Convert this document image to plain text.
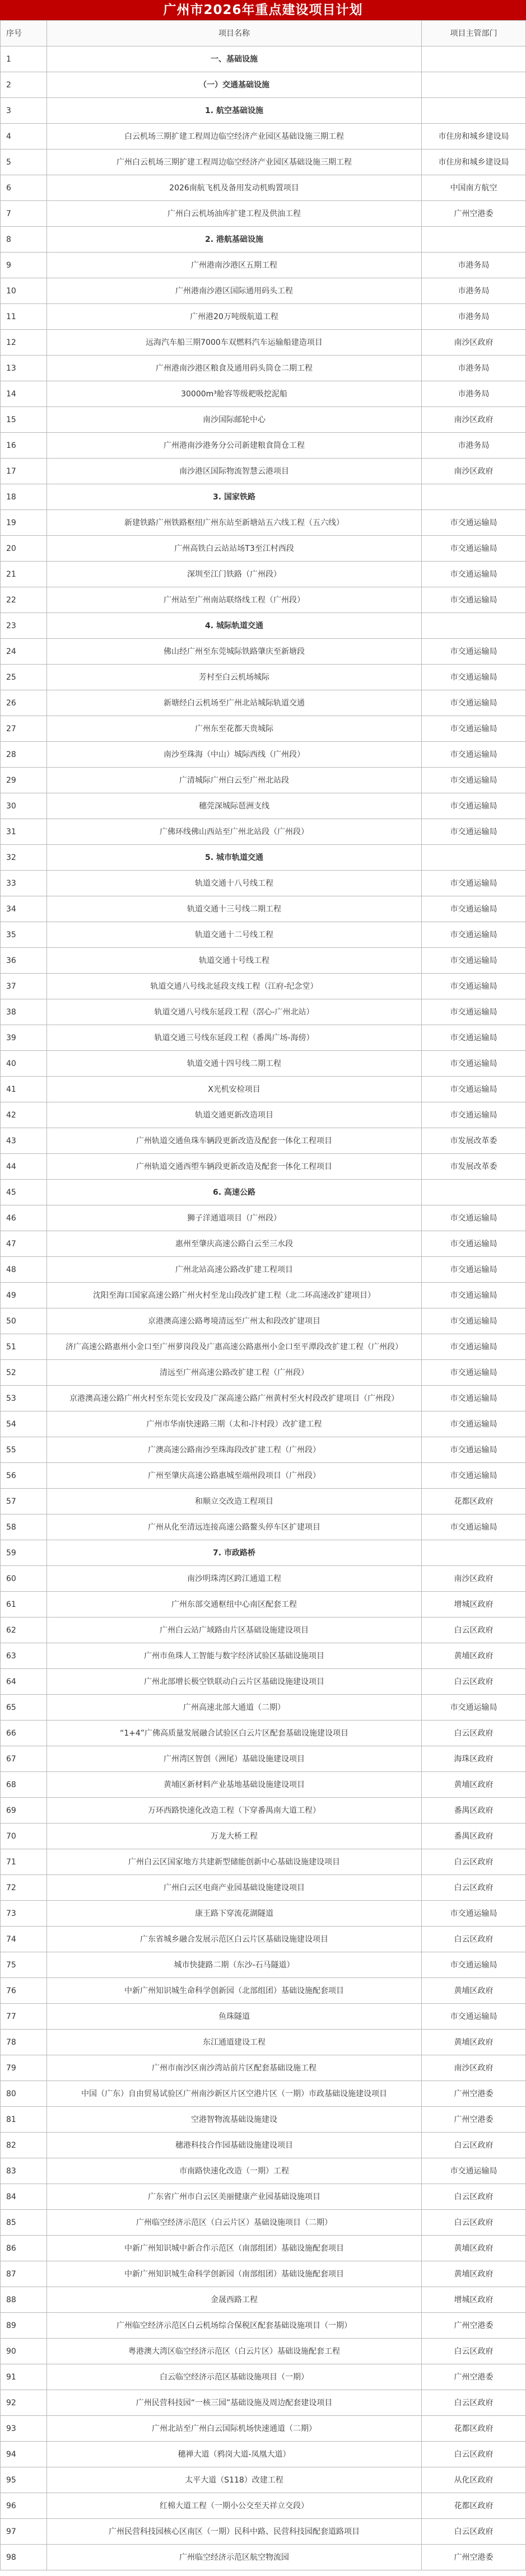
广州市2026年重点建设项目计划
序号	项目名称	项目主管部门
1	一、基础设施	
2	（一）交通基础设施	
3	1. 航空基础设施	
4	白云机场三期扩建工程周边临空经济产业园区基础设施三期工程	市住房和城乡建设局
5	广州白云机场三期扩建工程周边临空经济产业园区基础设施三期工程	市住房和城乡建设局
6	2026南航飞机及备用发动机购置项目	中国南方航空
7	广州白云机场油库扩建工程及供油工程	广州空港委
8	2. 港航基础设施	
9	广州港南沙港区五期工程	市港务局
10	广州港南沙港区国际通用码头工程	市港务局
11	广州港20万吨级航道工程	市港务局
12	远海汽车船三期7000车双燃料汽车运输船建造项目	南沙区政府
13	广州港南沙港区粮食及通用码头筒仓二期工程	市港务局
14	30000m³舱容等级耙吸挖泥船	市港务局
15	南沙国际邮轮中心	南沙区政府
16	广州港南沙港务分公司新建粮食筒仓工程	市港务局
17	南沙港区国际物流智慧云港项目	南沙区政府
18	3. 国家铁路	
19	新建铁路广州铁路枢纽广州东站至新塘站五六线工程（五六线）	市交通运输局
20	广州高铁白云站站场T3至江村西段	市交通运输局
21	深圳至江门铁路（广州段）	市交通运输局
22	广州站至广州南站联络线工程（广州段）	市交通运输局
23	4. 城际轨道交通	
24	佛山经广州至东莞城际铁路肇庆至新塘段	市交通运输局
25	芳村至白云机场城际	市交通运输局
26	新塘经白云机场至广州北站城际轨道交通	市交通运输局
27	广州东至花都天贵城际	市交通运输局
28	南沙至珠海（中山）城际西线（广州段）	市交通运输局
29	广清城际广州白云至广州北站段	市交通运输局
30	穗莞深城际琶洲支线	市交通运输局
31	广佛环线佛山西站至广州北站段（广州段）	市交通运输局
32	5. 城市轨道交通	
33	轨道交通十八号线工程	市交通运输局
34	轨道交通十三号线二期工程	市交通运输局
35	轨道交通十二号线工程	市交通运输局
36	轨道交通十号线工程	市交通运输局
37	轨道交通八号线北延段支线工程（江府-纪念堂）	市交通运输局
38	轨道交通八号线东延段工程（滘心-广州北站）	市交通运输局
39	轨道交通三号线东延段工程（番禺广场-海傍）	市交通运输局
40	轨道交通十四号线二期工程	市交通运输局
41	X光机安检项目	市交通运输局
42	轨道交通更新改造项目	市交通运输局
43	广州轨道交通鱼珠车辆段更新改造及配套一体化工程项目	市发展改革委
44	广州轨道交通西塱车辆段更新改造及配套一体化工程项目	市发展改革委
45	6. 高速公路	
46	狮子洋通道项目（广州段）	市交通运输局
47	惠州至肇庆高速公路白云至三水段	市交通运输局
48	广州北站高速公路改扩建工程项目	市交通运输局
49	沈阳至海口国家高速公路广州火村至龙山段改扩建工程（北二环高速改扩建项目）	市交通运输局
50	京港澳高速公路粤境清远至广州太和段改扩建项目	市交通运输局
51	济广高速公路惠州小金口至广州萝岗段及广惠高速公路惠州小金口至平潭段改扩建工程（广州段）	市交通运输局
52	清远至广州高速公路改扩建工程（广州段）	市交通运输局
53	京港澳高速公路广州火村至东莞长安段及广深高速公路广州黄村至火村段改扩建项目（广州段）	市交通运输局
54	广州市华南快速路三期（太和-汴村段）改扩建工程	市交通运输局
55	广澳高速公路南沙至珠海段改扩建工程（广州段）	市交通运输局
56	广州至肇庆高速公路惠城至端州段项目（广州段）	市交通运输局
57	和顺立交改造工程项目	花都区政府
58	广州从化至清远连接高速公路鳌头停车区扩建项目	市交通运输局
59	7. 市政路桥	
60	南沙明珠湾区跨江通道工程	南沙区政府
61	广州东部交通枢纽中心南区配套工程	增城区政府
62	广州白云站广域路由片区基础设施建设项目	白云区政府
63	广州市鱼珠人工智能与数字经济试验区基础设施项目	黄埔区政府
64	广州北部增长极空铁联动白云片区基础设施建设项目	白云区政府
65	广州高速北部大通道（二期）	市交通运输局
66	“1+4”广佛高质量发展融合试验区白云片区配套基础设施建设项目	白云区政府
67	广州湾区智创（洲尾）基础设施建设项目	海珠区政府
68	黄埔区新材料产业基地基础设施建设项目	黄埔区政府
69	万环西路快速化改造工程（下穿番禺南大道工程）	番禺区政府
70	万龙大桥工程	番禺区政府
71	广州白云区国家地方共建新型储能创新中心基础设施建设项目	白云区政府
72	广州白云区电商产业园基础设施建设项目	白云区政府
73	康王路下穿流花湖隧道	市交通运输局
74	广东省城乡融合发展示范区白云片区基础设施建设项目	白云区政府
75	城市快捷路二期（东沙-石马隧道）	市交通运输局
76	中新广州知识城生命科学创新园（北部组团）基础设施配套项目	黄埔区政府
77	鱼珠隧道	市交通运输局
78	东江通道建设工程	黄埔区政府
79	广州市南沙区南沙湾站前片区配套基础设施工程	南沙区政府
80	中国（广东）自由贸易试验区广州南沙新区片区空港片区（一期）市政基础设施建设项目	广州空港委
81	空港智物流基础设施建设	广州空港委
82	穗港科技合作园基础设施建设项目	白云区政府
83	市南路快速化改造（一期）工程	市交通运输局
84	广东省广州市白云区美丽健康产业园基础设施项目	白云区政府
85	广州临空经济示范区（白云片区）基础设施项目（二期）	白云区政府
86	中新广州知识城中新合作示范区（南部组团）基础设施配套项目	黄埔区政府
87	中新广州知识城生命科学创新园（南部组团）基础设施配套项目	黄埔区政府
88	金晟西路工程	增城区政府
89	广州临空经济示范区白云机场综合保税区配套基础设施项目（一期）	广州空港委
90	粤港澳大湾区临空经济示范区（白云片区）基础设施配套工程	白云区政府
91	白云临空经济示范区基础设施项目（一期）	广州空港委
92	广州民营科技园“一核三园”基础设施及周边配套建设项目	白云区政府
93	广州北站至广州白云国际机场快速通道（二期）	花都区政府
94	穗禅大道（鸦岗大道-凤凰大道）	白云区政府
95	太平大道（S118）改建工程	从化区政府
96	红棉大道工程（一期小公交至天祥立交段）	花都区政府
97	广州民营科技园核心区南区（一期）民科中路、民营科技园配套道路项目	白云区政府
98	广州临空经济示范区航空物流园	广州空港委
